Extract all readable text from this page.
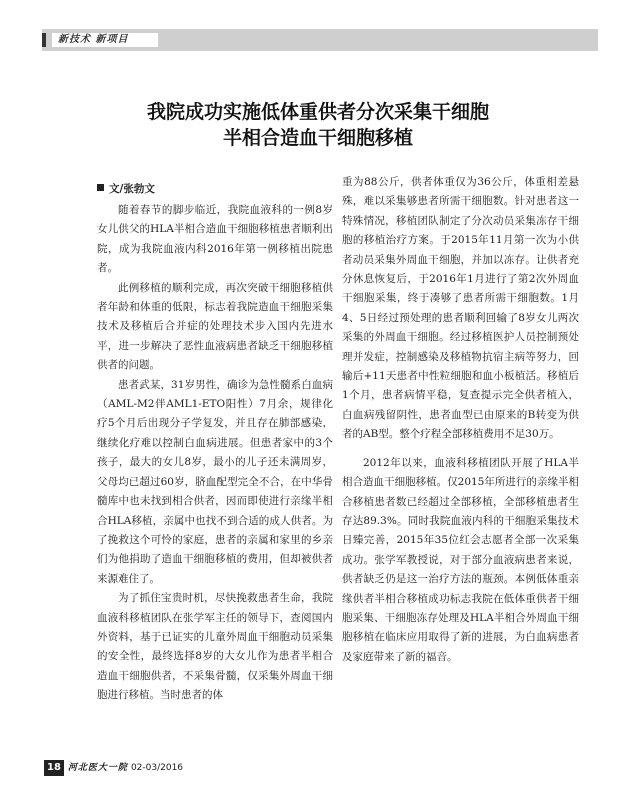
新技术 新项目
我院成功实施低体重供者分次采集干细胞
半相合造血干细胞移植
文/张勃文

随着春节的脚步临近，我院血液科的一例8岁女儿供父的HLA半相合造血干细胞移植患者顺利出院，成为我院血液内科2016年第一例移植出院患者。

此例移植的顺利完成，再次突破干细胞移植供者年龄和体重的低限，标志着我院造血干细胞采集技术及移植后合并症的处理技术步入国内先进水平，进一步解决了恶性血液病患者缺乏干细胞移植供者的问题。

患者武某，31岁男性，确诊为急性髓系白血病（AML-M2伴AML1-ETO阳性）7月余，规律化疗5个月后出现分子学复发，并且存在肺部感染，继续化疗难以控制白血病进展。但患者家中的3个孩子，最大的女儿8岁，最小的儿子还未满周岁，父母均已超过60岁，脐血配型完全不合，在中华骨髓库中也未找到相合供者，因而即使进行亲缘半相合HLA移植，亲属中也找不到合适的成人供者。为了挽救这个可怜的家庭，患者的亲属和家里的乡亲们为他捐助了造血干细胞移植的费用，但却被供者来源难住了。

为了抓住宝贵时机，尽快挽救患者生命，我院血液科移植团队在张学军主任的领导下，查阅国内外资料，基于已证实的儿童外周血干细胞动员采集的安全性，最终选择8岁的大女儿作为患者半相合造血干细胞供者，不采集骨髓，仅采集外周血干细胞进行移植。当时患者的体

重为88公斤，供者体重仅为36公斤，体重相差悬殊，难以采集够患者所需干细胞数。针对患者这一特殊情况，移植团队制定了分次动员采集冻存干细胞的移植治疗方案。于2015年11月第一次为小供者动员采集外周血干细胞，并加以冻存。让供者充分休息恢复后，于2016年1月进行了第2次外周血干细胞采集，终于凑够了患者所需干细胞数。1月4、5日经过预处理的患者顺利回输了8岁女儿两次采集的外周血干细胞。经过移植医护人员控制预处理并发症，控制感染及移植物抗宿主病等努力，回输后+11天患者中性粒细胞和血小板植活。移植后1个月，患者病情平稳，复查提示完全供者植入，白血病残留阴性，患者血型已由原来的B转变为供者的AB型。整个疗程全部移植费用不足30万。

2012年以来，血液科移植团队开展了HLA半相合造血干细胞移植。仅2015年所进行的亲缘半相合移植患者数已经超过全部移植，全部移植患者生存达89.3%。同时我院血液内科的干细胞采集技术日臻完善，2015年35位红会志愿者全部一次采集成功。张学军教授说，对于部分血液病患者来说，供者缺乏仍是这一治疗方法的瓶颈。本例低体重亲缘供者半相合移植成功标志我院在低体重供者干细胞采集、干细胞冻存处理及HLA半相合外周血干细胞移植在临床应用取得了新的进展，为白血病患者及家庭带来了新的福音。

18 河北医大一院 02-03/2016
